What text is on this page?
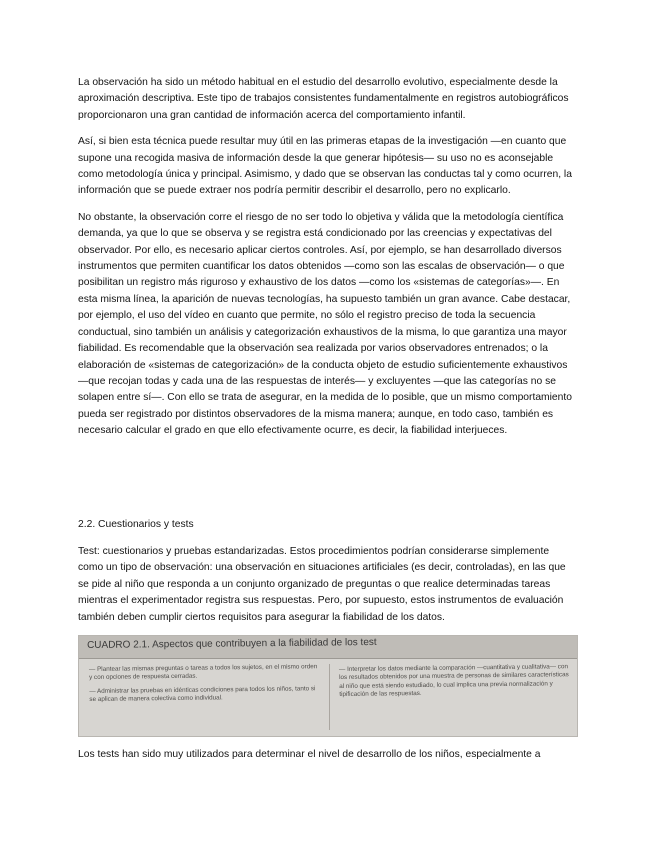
La observación ha sido un método habitual en el estudio del desarrollo evolutivo, especialmente desde la aproximación descriptiva. Este tipo de trabajos consistentes fundamentalmente en registros autobiográficos proporcionaron una gran cantidad de información acerca del comportamiento infantil.

Así, si bien esta técnica puede resultar muy útil en las primeras etapas de la investigación —en cuanto que supone una recogida masiva de información desde la que generar hipótesis— su uso no es aconsejable como metodología única y principal. Asimismo, y dado que se observan las conductas tal y como ocurren, la información que se puede extraer nos podría permitir describir el desarrollo, pero no explicarlo.

No obstante, la observación corre el riesgo de no ser todo lo objetiva y válida que la metodología científica demanda, ya que lo que se observa y se registra está condicionado por las creencias y expectativas del observador. Por ello, es necesario aplicar ciertos controles. Así, por ejemplo, se han desarrollado diversos instrumentos que permiten cuantificar los datos obtenidos —como son las escalas de observación— o que posibilitan un registro más riguroso y exhaustivo de los datos —como los «sistemas de categorías»—. En esta misma línea, la aparición de nuevas tecnologías, ha supuesto también un gran avance. Cabe destacar, por ejemplo, el uso del vídeo en cuanto que permite, no sólo el registro preciso de toda la secuencia conductual, sino también un análisis y categorización exhaustivos de la misma, lo que garantiza una mayor fiabilidad. Es recomendable que la observación sea realizada por varios observadores entrenados; o la elaboración de «sistemas de categorización» de la conducta objeto de estudio suficientemente exhaustivos —que recojan todas y cada una de las respuestas de interés— y excluyentes —que las categorías no se solapen entre sí—. Con ello se trata de asegurar, en la medida de lo posible, que un mismo comportamiento pueda ser registrado por distintos observadores de la misma manera; aunque, en todo caso, también es necesario calcular el grado en que ello efectivamente ocurre, es decir, la fiabilidad interjueces.

2.2. Cuestionarios y tests

Test: cuestionarios y pruebas estandarizadas. Estos procedimientos podrían considerarse simplemente como un tipo de observación: una observación en situaciones artificiales (es decir, controladas), en las que se pide al niño que responda a un conjunto organizado de preguntas o que realice determinadas tareas mientras el experimentador registra sus respuestas. Pero, por supuesto, estos instrumentos de evaluación también deben cumplir ciertos requisitos para asegurar la fiabilidad de los datos.

CUADRO 2.1. Aspectos que contribuyen a la fiabilidad de los test
— Plantear las mismas preguntas o tareas a todos los sujetos, en el mismo orden y con opciones de respuesta cerradas.
— Administrar las pruebas en idénticas condiciones para todos los niños, tanto si se aplican de manera colectiva como individual.
— Interpretar los datos mediante la comparación —cuantitativa y cualitativa— con los resultados obtenidos por una muestra de personas de similares características al niño que está siendo estudiado, lo cual implica una previa normalización y tipificación de las respuestas.

Los tests han sido muy utilizados para determinar el nivel de desarrollo de los niños, especialmente a
